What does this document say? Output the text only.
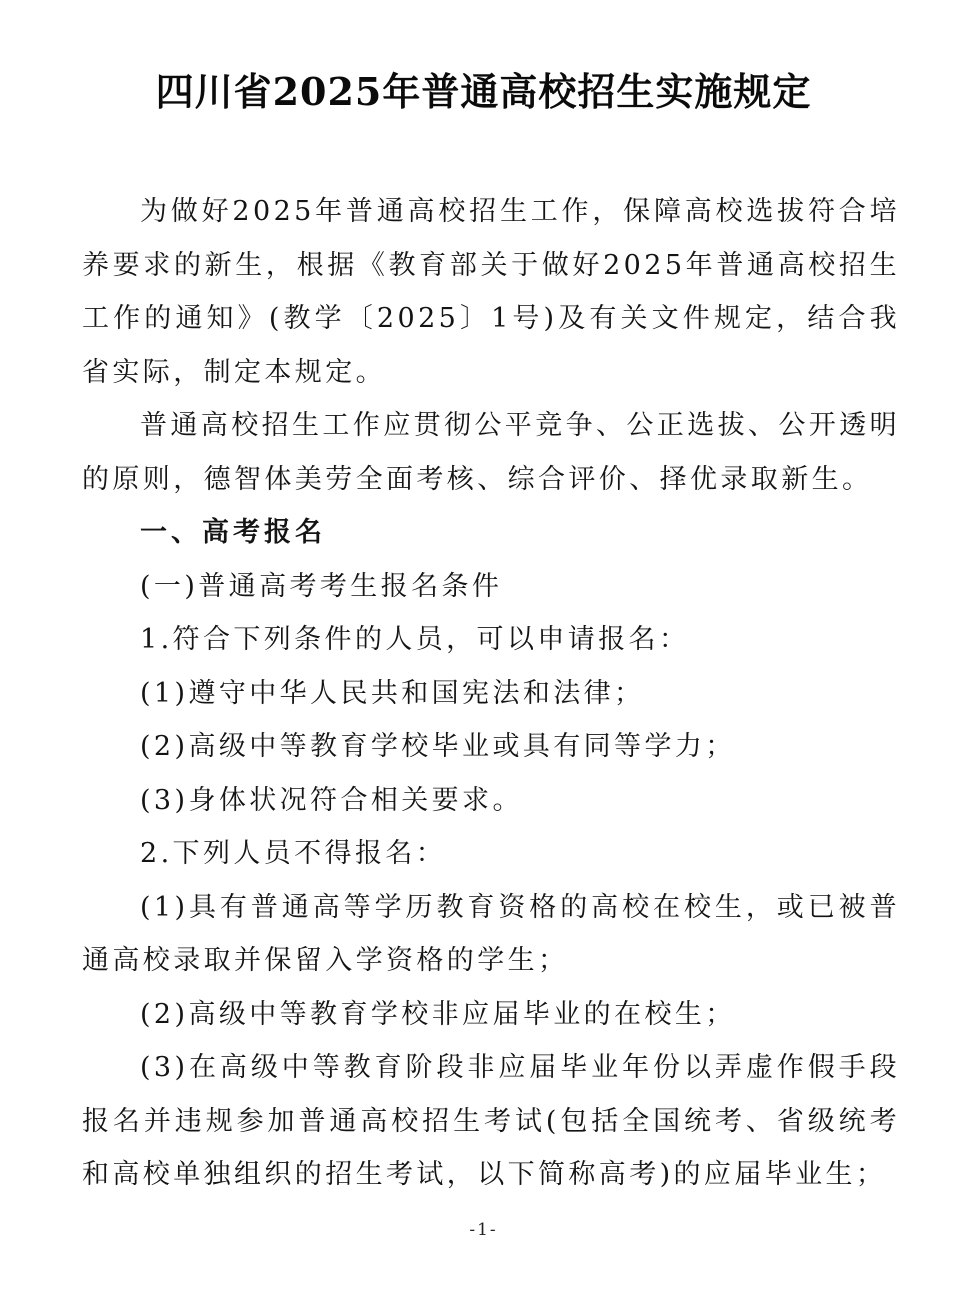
四川省2025年普通高校招生实施规定

为做好2025年普通高校招生工作，保障高校选拔符合培养要求的新生，根据《教育部关于做好2025年普通高校招生工作的通知》(教学〔2025〕1号)及有关文件规定，结合我省实际，制定本规定。

普通高校招生工作应贯彻公平竞争、公正选拔、公开透明的原则，德智体美劳全面考核、综合评价、择优录取新生。

一、高考报名

(一)普通高考考生报名条件

1.符合下列条件的人员，可以申请报名：

(1)遵守中华人民共和国宪法和法律；

(2)高级中等教育学校毕业或具有同等学力；

(3)身体状况符合相关要求。

2.下列人员不得报名：

(1)具有普通高等学历教育资格的高校在校生，或已被普通高校录取并保留入学资格的学生；

(2)高级中等教育学校非应届毕业的在校生；

(3)在高级中等教育阶段非应届毕业年份以弄虚作假手段报名并违规参加普通高校招生考试(包括全国统考、省级统考和高校单独组织的招生考试，以下简称高考)的应届毕业生；

-1-
